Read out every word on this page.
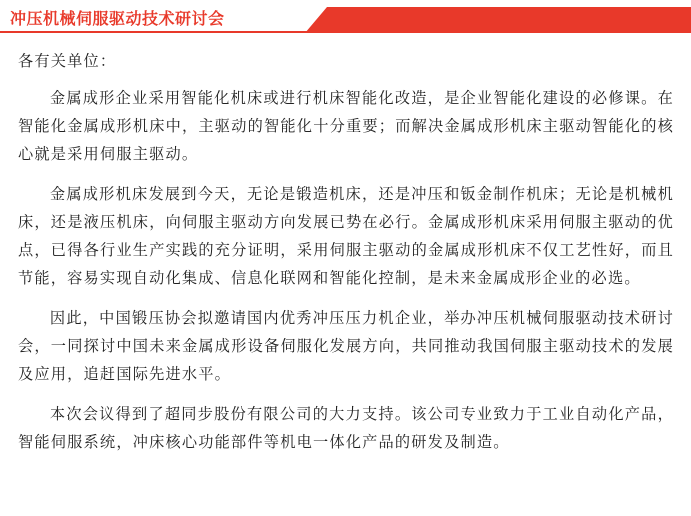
冲压机械伺服驱动技术研讨会

各有关单位：

金属成形企业采用智能化机床或进行机床智能化改造，是企业智能化建设的必修课。在智能化金属成形机床中，主驱动的智能化十分重要；而解决金属成形机床主驱动智能化的核心就是采用伺服主驱动。

金属成形机床发展到今天，无论是锻造机床，还是冲压和钣金制作机床；无论是机械机床，还是液压机床，向伺服主驱动方向发展已势在必行。金属成形机床采用伺服主驱动的优点，已得各行业生产实践的充分证明，采用伺服主驱动的金属成形机床不仅工艺性好，而且节能，容易实现自动化集成、信息化联网和智能化控制，是未来金属成形企业的必选。

因此，中国锻压协会拟邀请国内优秀冲压压力机企业，举办冲压机械伺服驱动技术研讨会，一同探讨中国未来金属成形设备伺服化发展方向，共同推动我国伺服主驱动技术的发展及应用，追赶国际先进水平。

本次会议得到了超同步股份有限公司的大力支持。该公司专业致力于工业自动化产品，智能伺服系统，冲床核心功能部件等机电一体化产品的研发及制造。
